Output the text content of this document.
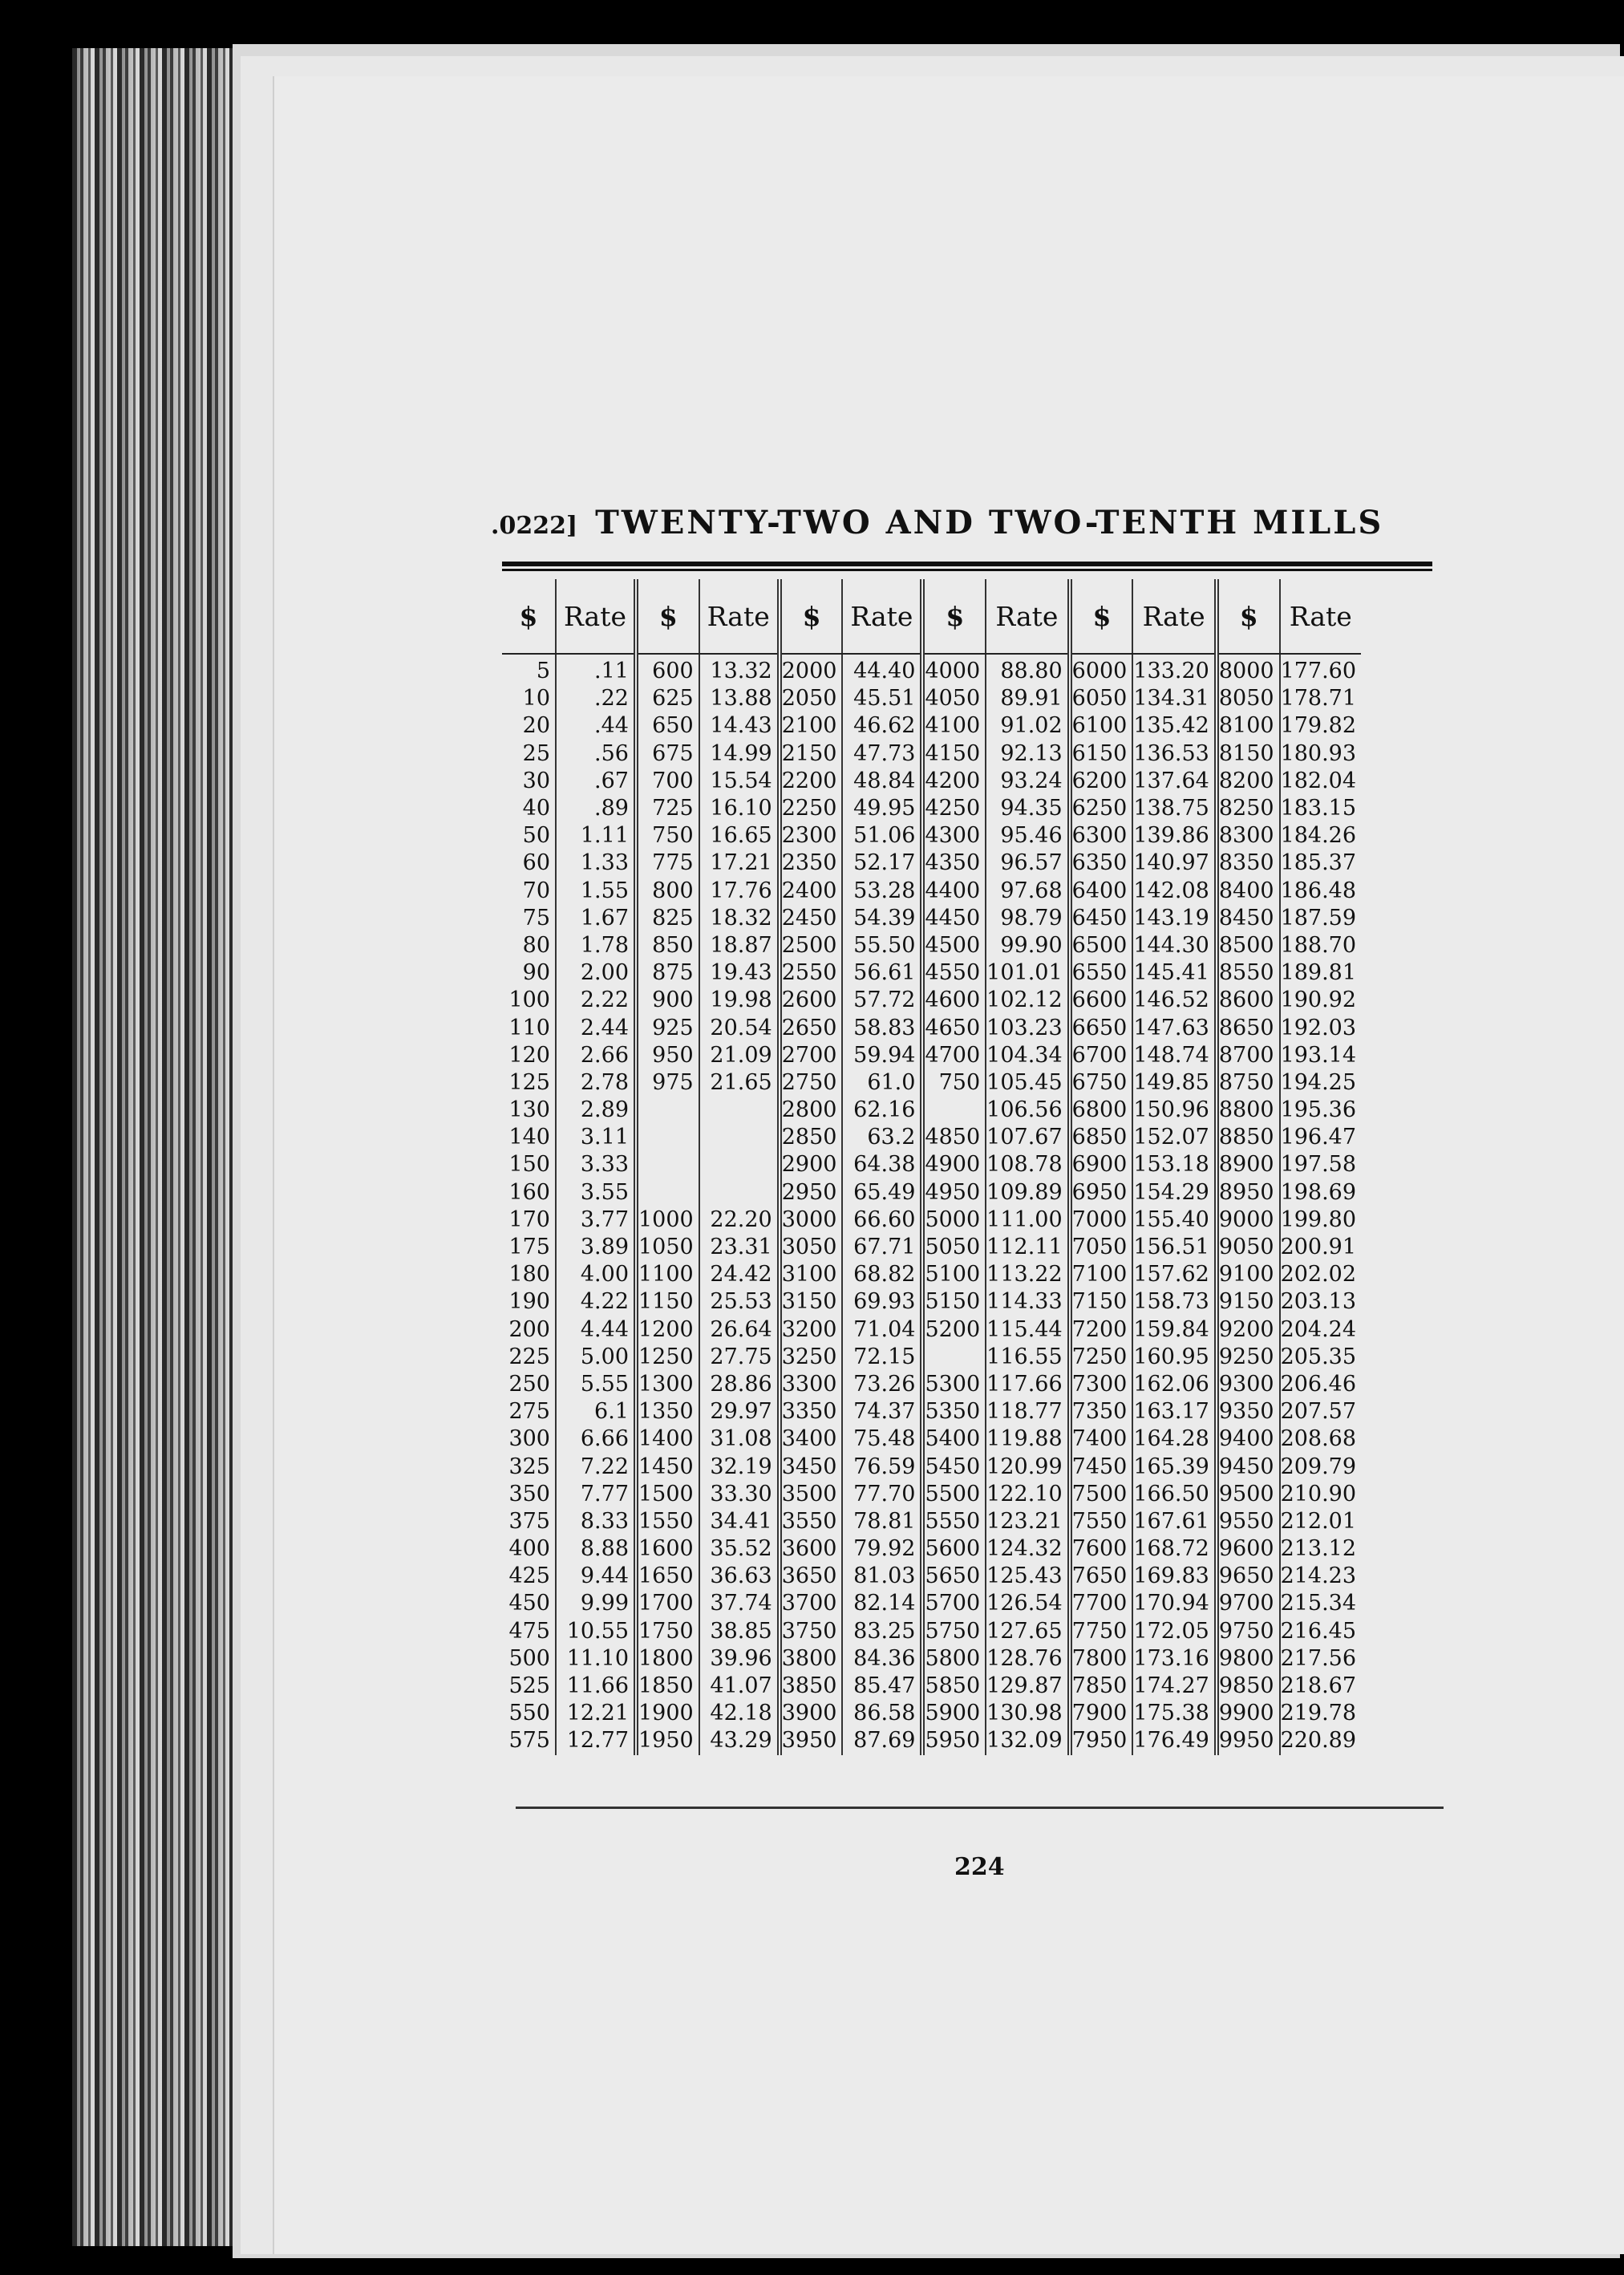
.0222] TWENTY-TWO AND TWO-TENTH MILLS
$	Rate	$	Rate	$	Rate	$	Rate	$	Rate	$	Rate
5	.11	600	13.32	2000	44.40	4000	88.80	6000	133.20	8000	177.60
10	.22	625	13.88	2050	45.51	4050	89.91	6050	134.31	8050	178.71
20	.44	650	14.43	2100	46.62	4100	91.02	6100	135.42	8100	179.82
25	.56	675	14.99	2150	47.73	4150	92.13	6150	136.53	8150	180.93
30	.67	700	15.54	2200	48.84	4200	93.24	6200	137.64	8200	182.04
40	.89	725	16.10	2250	49.95	4250	94.35	6250	138.75	8250	183.15
50	1.11	750	16.65	2300	51.06	4300	95.46	6300	139.86	8300	184.26
60	1.33	775	17.21	2350	52.17	4350	96.57	6350	140.97	8350	185.37
70	1.55	800	17.76	2400	53.28	4400	97.68	6400	142.08	8400	186.48
75	1.67	825	18.32	2450	54.39	4450	98.79	6450	143.19	8450	187.59
80	1.78	850	18.87	2500	55.50	4500	99.90	6500	144.30	8500	188.70
90	2.00	875	19.43	2550	56.61	4550	101.01	6550	145.41	8550	189.81
100	2.22	900	19.98	2600	57.72	4600	102.12	6600	146.52	8600	190.92
110	2.44	925	20.54	2650	58.83	4650	103.23	6650	147.63	8650	192.03
120	2.66	950	21.09	2700	59.94	4700	104.34	6700	148.74	8700	193.14
125	2.78	975	21.65	2750	61.0	750	105.45	6750	149.85	8750	194.25
130	2.89			2800	62.16		106.56	6800	150.96	8800	195.36
140	3.11			2850	63.2	4850	107.67	6850	152.07	8850	196.47
150	3.33			2900	64.38	4900	108.78	6900	153.18	8900	197.58
160	3.55			2950	65.49	4950	109.89	6950	154.29	8950	198.69
170	3.77	1000	22.20	3000	66.60	5000	111.00	7000	155.40	9000	199.80
175	3.89	1050	23.31	3050	67.71	5050	112.11	7050	156.51	9050	200.91
180	4.00	1100	24.42	3100	68.82	5100	113.22	7100	157.62	9100	202.02
190	4.22	1150	25.53	3150	69.93	5150	114.33	7150	158.73	9150	203.13
200	4.44	1200	26.64	3200	71.04	5200	115.44	7200	159.84	9200	204.24
225	5.00	1250	27.75	3250	72.15		116.55	7250	160.95	9250	205.35
250	5.55	1300	28.86	3300	73.26	5300	117.66	7300	162.06	9300	206.46
275	6.1	1350	29.97	3350	74.37	5350	118.77	7350	163.17	9350	207.57
300	6.66	1400	31.08	3400	75.48	5400	119.88	7400	164.28	9400	208.68
325	7.22	1450	32.19	3450	76.59	5450	120.99	7450	165.39	9450	209.79
350	7.77	1500	33.30	3500	77.70	5500	122.10	7500	166.50	9500	210.90
375	8.33	1550	34.41	3550	78.81	5550	123.21	7550	167.61	9550	212.01
400	8.88	1600	35.52	3600	79.92	5600	124.32	7600	168.72	9600	213.12
425	9.44	1650	36.63	3650	81.03	5650	125.43	7650	169.83	9650	214.23
450	9.99	1700	37.74	3700	82.14	5700	126.54	7700	170.94	9700	215.34
475	10.55	1750	38.85	3750	83.25	5750	127.65	7750	172.05	9750	216.45
500	11.10	1800	39.96	3800	84.36	5800	128.76	7800	173.16	9800	217.56
525	11.66	1850	41.07	3850	85.47	5850	129.87	7850	174.27	9850	218.67
550	12.21	1900	42.18	3900	86.58	5900	130.98	7900	175.38	9900	219.78
575	12.77	1950	43.29	3950	87.69	5950	132.09	7950	176.49	9950	220.89
224
